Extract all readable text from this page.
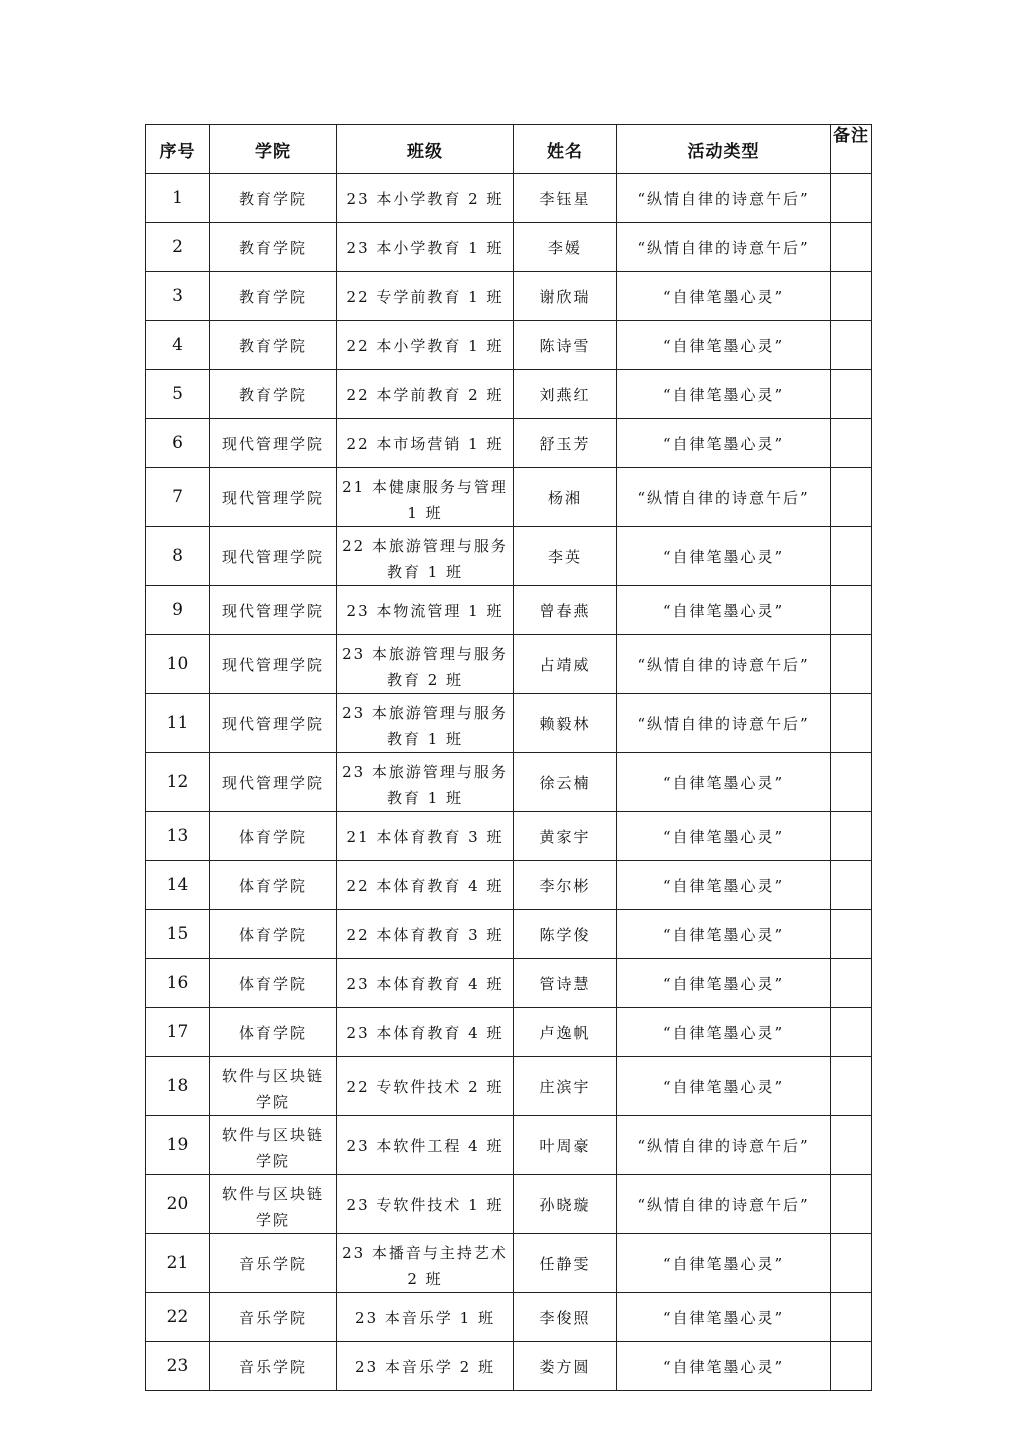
序号	学院	班级	姓名	活动类型	备注
1	教育学院	23 本小学教育 2 班	李钰星	“纵情自律的诗意午后”	
2	教育学院	23 本小学教育 1 班	李媛	“纵情自律的诗意午后”	
3	教育学院	22 专学前教育 1 班	谢欣瑞	“自律笔墨心灵”	
4	教育学院	22 本小学教育 1 班	陈诗雪	“自律笔墨心灵”	
5	教育学院	22 本学前教育 2 班	刘燕红	“自律笔墨心灵”	
6	现代管理学院	22 本市场营销 1 班	舒玉芳	“自律笔墨心灵”	
7	现代管理学院	21 本健康服务与管理 1 班	杨湘	“纵情自律的诗意午后”	
8	现代管理学院	22 本旅游管理与服务教育 1 班	李英	“自律笔墨心灵”	
9	现代管理学院	23 本物流管理 1 班	曾春燕	“自律笔墨心灵”	
10	现代管理学院	23 本旅游管理与服务教育 2 班	占靖威	“纵情自律的诗意午后”	
11	现代管理学院	23 本旅游管理与服务教育 1 班	赖毅林	“纵情自律的诗意午后”	
12	现代管理学院	23 本旅游管理与服务教育 1 班	徐云楠	“自律笔墨心灵”	
13	体育学院	21 本体育教育 3 班	黄家宇	“自律笔墨心灵”	
14	体育学院	22 本体育教育 4 班	李尔彬	“自律笔墨心灵”	
15	体育学院	22 本体育教育 3 班	陈学俊	“自律笔墨心灵”	
16	体育学院	23 本体育教育 4 班	管诗慧	“自律笔墨心灵”	
17	体育学院	23 本体育教育 4 班	卢逸帆	“自律笔墨心灵”	
18	软件与区块链学院	22 专软件技术 2 班	庄滨宇	“自律笔墨心灵”	
19	软件与区块链学院	23 本软件工程 4 班	叶周豪	“纵情自律的诗意午后”	
20	软件与区块链学院	23 专软件技术 1 班	孙晓璇	“纵情自律的诗意午后”	
21	音乐学院	23 本播音与主持艺术 2 班	任静雯	“自律笔墨心灵”	
22	音乐学院	23 本音乐学 1 班	李俊照	“自律笔墨心灵”	
23	音乐学院	23 本音乐学 2 班	娄方圆	“自律笔墨心灵”	
